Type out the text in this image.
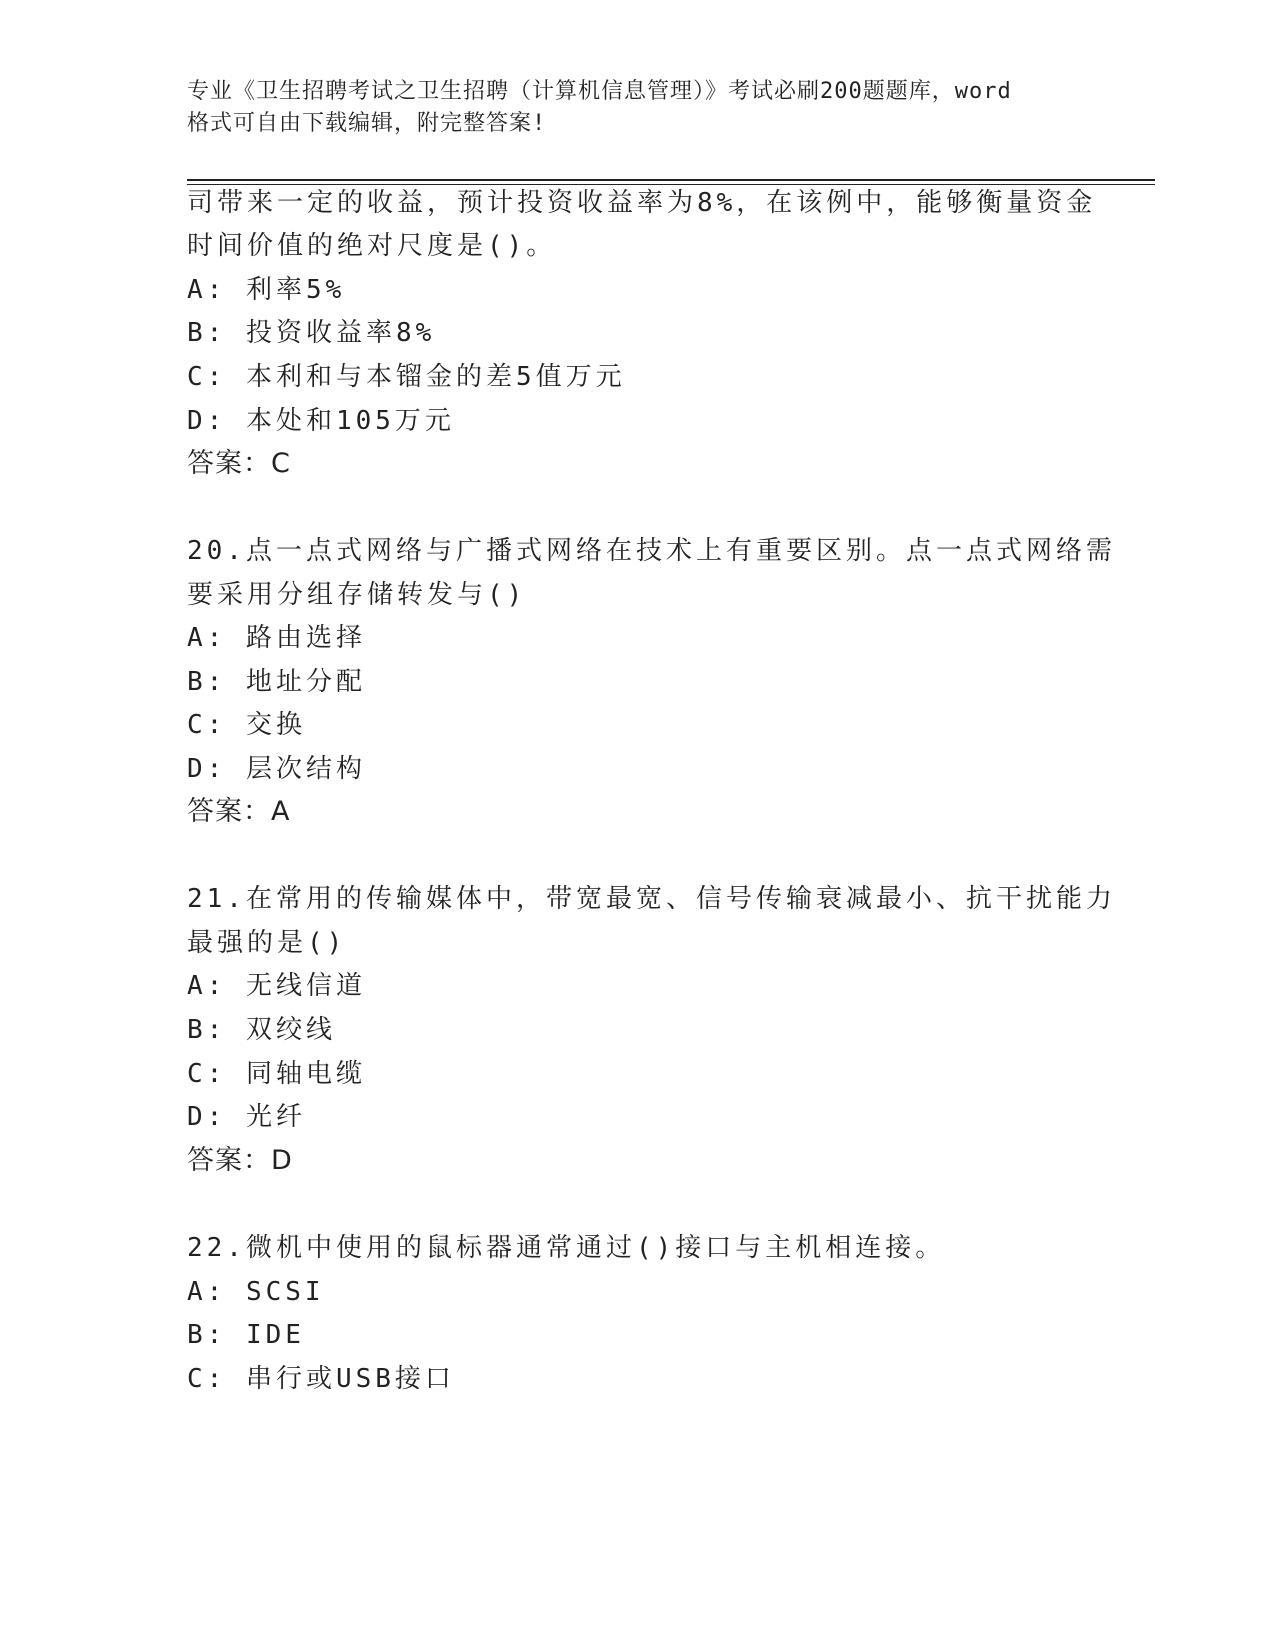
专业《卫生招聘考试之卫生招聘（计算机信息管理）》考试必刷200题题库，word
格式可自由下载编辑，附完整答案!
司带来一定的收益，预计投资收益率为8%，在该例中，能够衡量资金
时间价值的绝对尺度是()。
A: 利率5%
B: 投资收益率8%
C: 本利和与本镏金的差5值万元
D: 本处和105万元
答案：C
20.点一点式网络与广播式网络在技术上有重要区别。点一点式网络需
要采用分组存储转发与()
A: 路由选择
B: 地址分配
C: 交换
D: 层次结构
答案：A
21.在常用的传输媒体中，带宽最宽、信号传输衰减最小、抗干扰能力
最强的是()
A: 无线信道
B: 双绞线
C: 同轴电缆
D: 光纤
答案：D
22.微机中使用的鼠标器通常通过()接口与主机相连接。
A: SCSI
B: IDE
C: 串行或USB接口
